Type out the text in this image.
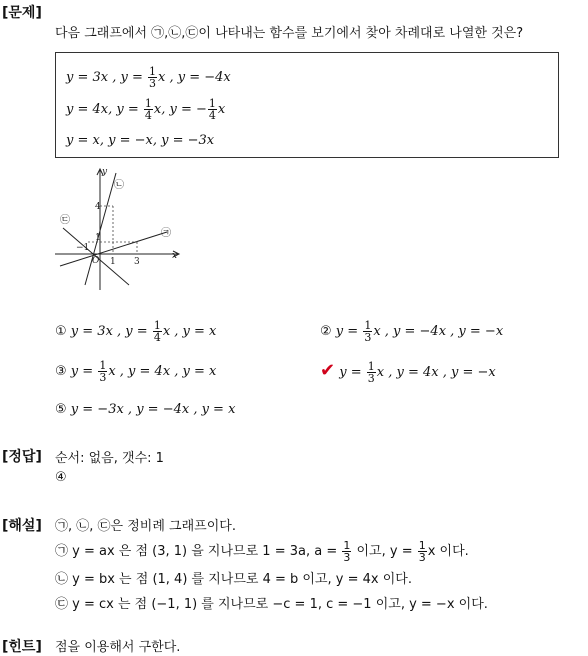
[문제]
다음 그래프에서 ㉠,㉡,㉢이 나타내는 함수를 보기에서 찾아 차례대로 나열한 것은?
y = 3x , $y = \frac{1}{3}$ x , y = −4x
y = 4x, $y = \frac{1}{4} x$, y = − $\frac{1}{4}$ x
y = x, y = −x, y = −3x
y
x
O
4
1
−1
1 3
㉡
㉢
㉠
① y = 3x , $y = \frac{1}{4}$ x , y = x	② $y = \frac{1}{3}$ x , y = −4x , y = −x
③ $y = \frac{1}{3}$ x , y = 4x , y = x	✔ $y = \frac{1}{3}$ x , y = 4x , y = −x
⑤ y = −3x , y = −4x , y = x
[정답] 순서: 없음, 갯수: 1
④
[해설] ㉠, ㉡, ㉢은 정비례 그래프이다.
㉠ y = ax 은 점 (3, 1) 을 지나므로 1 = 3a, $a = \frac{1}{3}$ 이고, $y = \frac{1}{3}$ x 이다.
㉡ y = bx 는 점 (1, 4) 를 지나므로 4 = b 이고, y = 4x 이다.
㉢ y = cx 는 점 (−1, 1) 를 지나므로 −c = 1, c = −1 이고, y = −x 이다.
[힌트] 점을 이용해서 구한다.
